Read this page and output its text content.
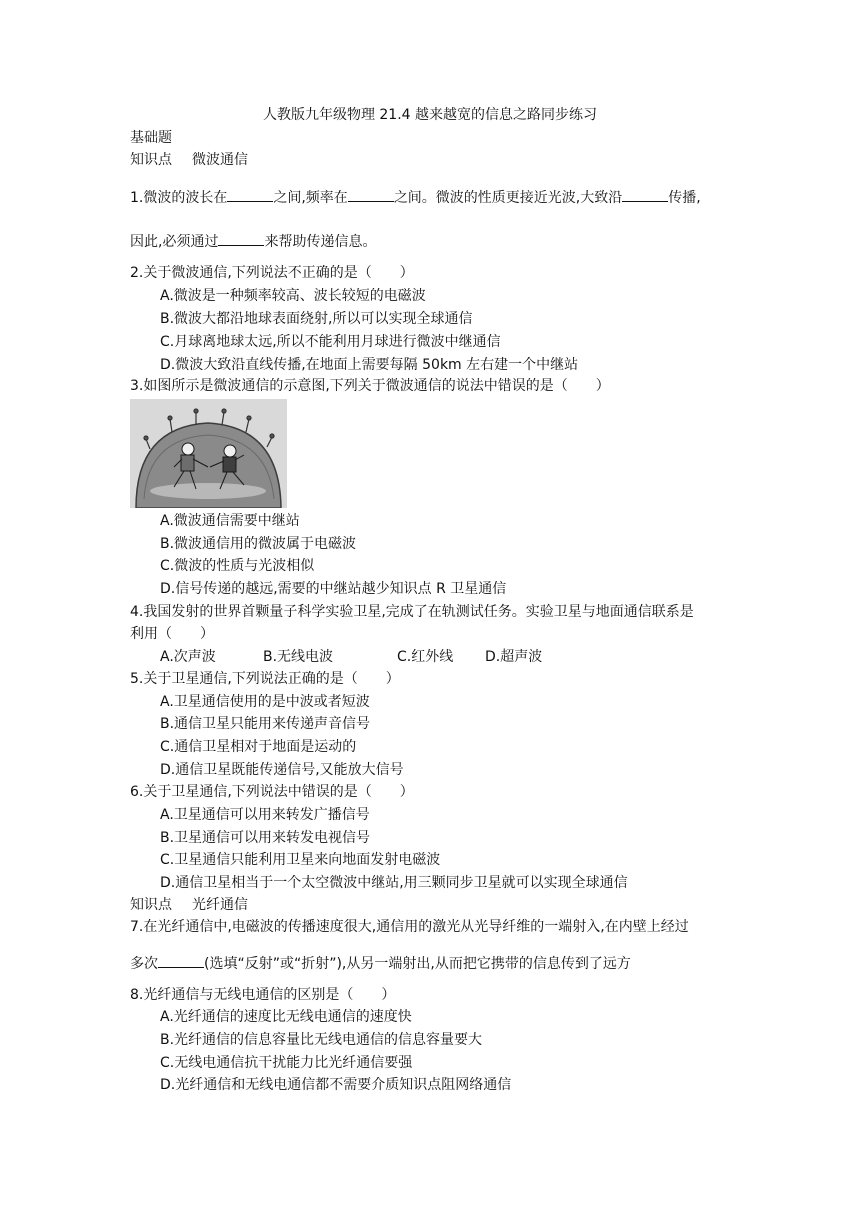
人教版九年级物理 21.4 越来越宽的信息之路同步练习
基础题
知识点 微波通信
1.微波的波长在	之间,频率在	之间。微波的性质更接近光波,大致沿	传播,
因此,必须通过	来帮助传递信息。
2.关于微波通信,下列说法不正确的是（　　）
A.微波是一种频率较高、波长较短的电磁波
B.微波大都沿地球表面绕射,所以可以实现全球通信
C.月球离地球太远,所以不能利用月球进行微波中继通信
D.微波大致沿直线传播,在地面上需要每隔 50km 左右建一个中继站
3.如图所示是微波通信的示意图,下列关于微波通信的说法中错误的是（　　）
A.微波通信需要中继站
B.微波通信用的微波属于电磁波
C.微波的性质与光波相似
D.信号传递的越远,需要的中继站越少知识点 R 卫星通信
4.我国发射的世界首颗量子科学实验卫星,完成了在轨测试任务。实验卫星与地面通信联系是
利用（　　）
A.次声波	B.无线电波	C.红外线 D.超声波
5.关于卫星通信,下列说法正确的是（　　）
A.卫星通信使用的是中波或者短波
B.通信卫星只能用来传递声音信号
C.通信卫星相对于地面是运动的
D.通信卫星既能传递信号,又能放大信号
6.关于卫星通信,下列说法中错误的是（　　）
A.卫星通信可以用来转发广播信号
B.卫星通信可以用来转发电视信号
C.卫星通信只能利用卫星来向地面发射电磁波
D.通信卫星相当于一个太空微波中继站,用三颗同步卫星就可以实现全球通信
知识点 光纤通信
7.在光纤通信中,电磁波的传播速度很大,通信用的激光从光导纤维的一端射入,在内壁上经过
多次	(选填“反射”或“折射”),从另一端射出,从而把它携带的信息传到了远方
8.光纤通信与无线电通信的区别是（　　）
A.光纤通信的速度比无线电通信的速度快
B.光纤通信的信息容量比无线电通信的信息容量要大
C.无线电通信抗干扰能力比光纤通信要强
D.光纤通信和无线电通信都不需要介质知识点阻网络通信
